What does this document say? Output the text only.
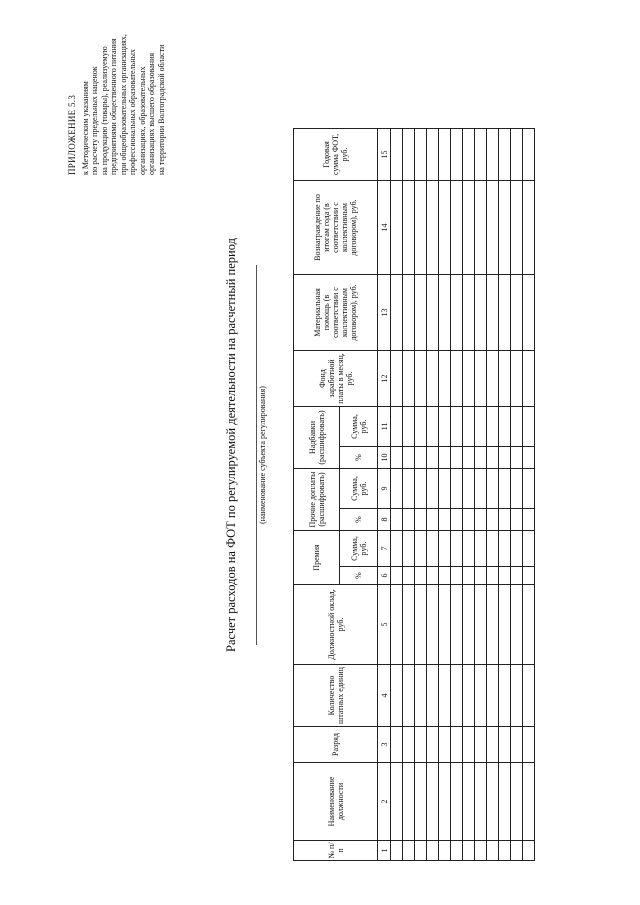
ПРИЛОЖЕНИЕ 5.3 к Методическим указаниям по расчету предельных наценок на продукцию (товары), реализуемую предприятиями общественного питания при общеобразовательных организациях, профессиональных образовательных организациях, образовательных организациях высшего образования на территории Волгоградской области
Расчет расходов на ФОТ по регулируемой деятельности на расчетный период	(наименование субъекта регулирования)
№ п/п	Наименование должности	Разряд	Количество штатных единиц	Должностной оклад, руб.	Премия		Прочие доплаты (расшифровать)		Надбавки (расшифровать)		Фонд заработной платы в месяц, руб.	Материальная помощь (в соответствии с коллективным договором), руб.	Вознаграждение по итогам года (в соответствии с коллективным договором), руб.	Годовая сумма ФОТ, руб.
					%	Сумма, руб.	%	Сумма, руб.	%	Сумма, руб.				
1	2	3	4	5	6	7	8	9	10	11	12	13	14	15
